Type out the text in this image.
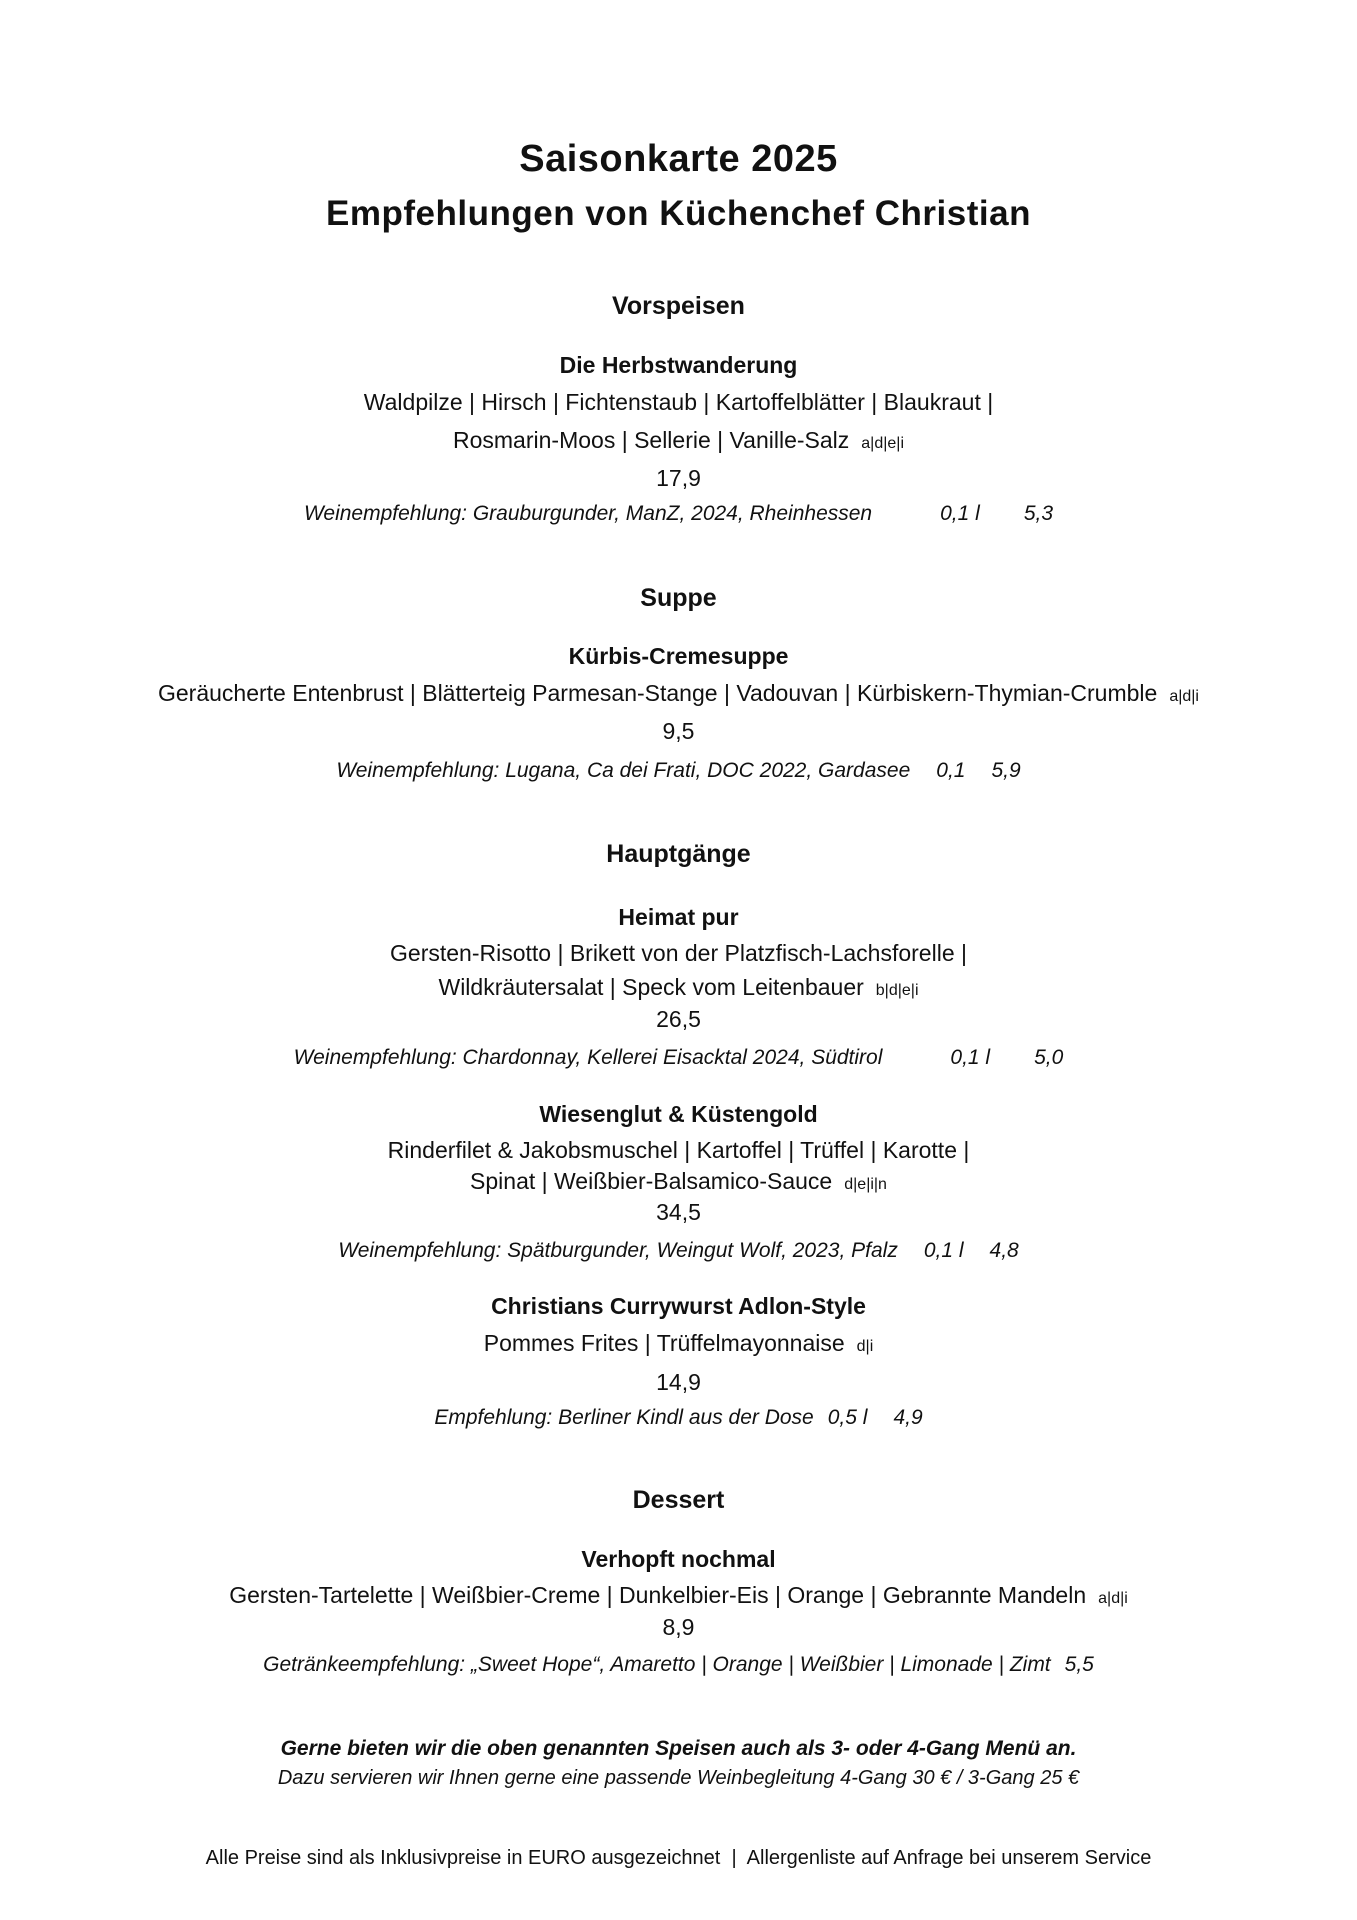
Saisonkarte 2025
Empfehlungen von Küchenchef Christian
Vorspeisen
Die Herbstwanderung
Waldpilze | Hirsch | Fichtenstaub | Kartoffelblätter | Blaukraut |
Rosmarin-Moos | Sellerie | Vanille-Salz a|d|e|i
17,9
Weinempfehlung: Grauburgunder, ManZ, 2024, Rheinhessen	0,1 l 5,3
Suppe
Kürbis-Cremesuppe
Geräucherte Entenbrust | Blätterteig Parmesan-Stange | Vadouvan | Kürbiskern-Thymian-Crumble a|d|i
9,5
Weinempfehlung: Lugana, Ca dei Frati, DOC 2022, Gardasee 0,1 5,9
Hauptgänge
Heimat pur
Gersten-Risotto | Brikett von der Platzfisch-Lachsforelle |
Wildkräutersalat | Speck vom Leitenbauer b|d|e|i
26,5
Weinempfehlung: Chardonnay, Kellerei Eisacktal 2024, Südtirol	0,1 l 5,0
Wiesenglut & Küstengold
Rinderfilet & Jakobsmuschel | Kartoffel | Trüffel | Karotte |
Spinat | Weißbier-Balsamico-Sauce d|e|i|n
34,5
Weinempfehlung: Spätburgunder, Weingut Wolf, 2023, Pfalz 0,1 l 4,8
Christians Currywurst Adlon-Style
Pommes Frites | Trüffelmayonnaise d|i
14,9
Empfehlung: Berliner Kindl aus der Dose 0,5 l 4,9
Dessert
Verhopft nochmal
Gersten-Tartelette | Weißbier-Creme | Dunkelbier-Eis | Orange | Gebrannte Mandeln a|d|i
8,9
Getränkeempfehlung: „Sweet Hope“, Amaretto | Orange | Weißbier | Limonade | Zimt 5,5
Gerne bieten wir die oben genannten Speisen auch als 3- oder 4-Gang Menü an.
Dazu servieren wir Ihnen gerne eine passende Weinbegleitung 4-Gang 30 € / 3-Gang 25 €
Alle Preise sind als Inklusivpreise in EURO ausgezeichnet  |  Allergenliste auf Anfrage bei unserem Service
